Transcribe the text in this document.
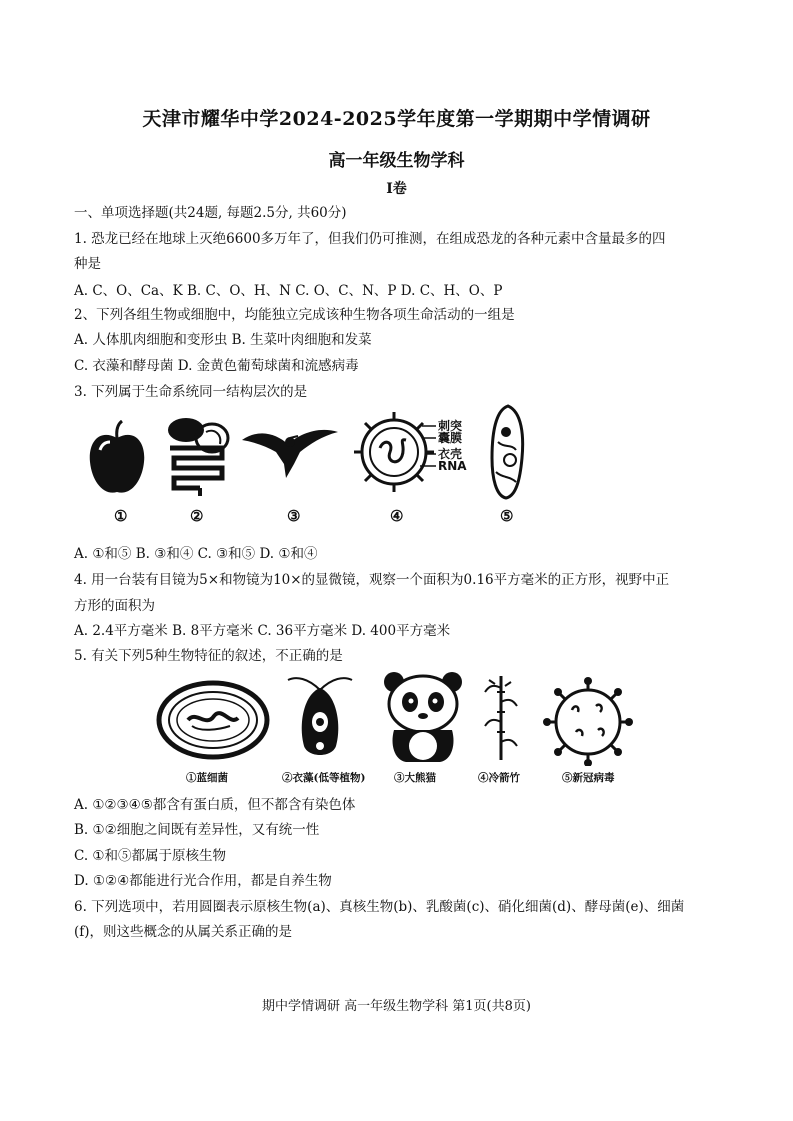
天津市耀华中学2024-2025学年度第一学期期中学情调研
高一年级生物学科
Ⅰ卷
一、单项选择题(共24题, 每题2.5分, 共60分)
1. 恐龙已经在地球上灭绝6600多万年了，但我们仍可推测，在组成恐龙的各种元素中含量最多的四
种是
A. C、O、Ca、K B. C、O、H、N C. O、C、N、P D. C、H、O、P
2、下列各组生物或细胞中，均能独立完成该种生物各项生命活动的一组是
A. 人体肌肉细胞和变形虫 B. 生菜叶肉细胞和发菜
C. 衣藻和酵母菌 D. 金黄色葡萄球菌和流感病毒
3. 下列属于生命系统同一结构层次的是
刺突
囊膜
衣壳
RNA
①	②	③	④	⑤
A. ①和⑤ B. ③和④ C. ③和⑤ D. ①和④
4. 用一台装有目镜为5×和物镜为10×的显微镜，观察一个面积为0.16平方毫米的正方形，视野中正
方形的面积为
A. 2.4平方毫米 B. 8平方毫米 C. 36平方毫米 D. 400平方毫米
5. 有关下列5种生物特征的叙述，不正确的是
①蓝细菌	②衣藻(低等植物)	③大熊猫	④冷箭竹	⑤新冠病毒
A. ①②③④⑤都含有蛋白质，但不都含有染色体
B. ①②细胞之间既有差异性，又有统一性
C. ①和⑤都属于原核生物
D. ①②④都能进行光合作用，都是自养生物
6. 下列选项中，若用圆圈表示原核生物(a)、真核生物(b)、乳酸菌(c)、硝化细菌(d)、酵母菌(e)、细菌
(f)，则这些概念的从属关系正确的是
期中学情调研 高一年级生物学科 第1页(共8页)
